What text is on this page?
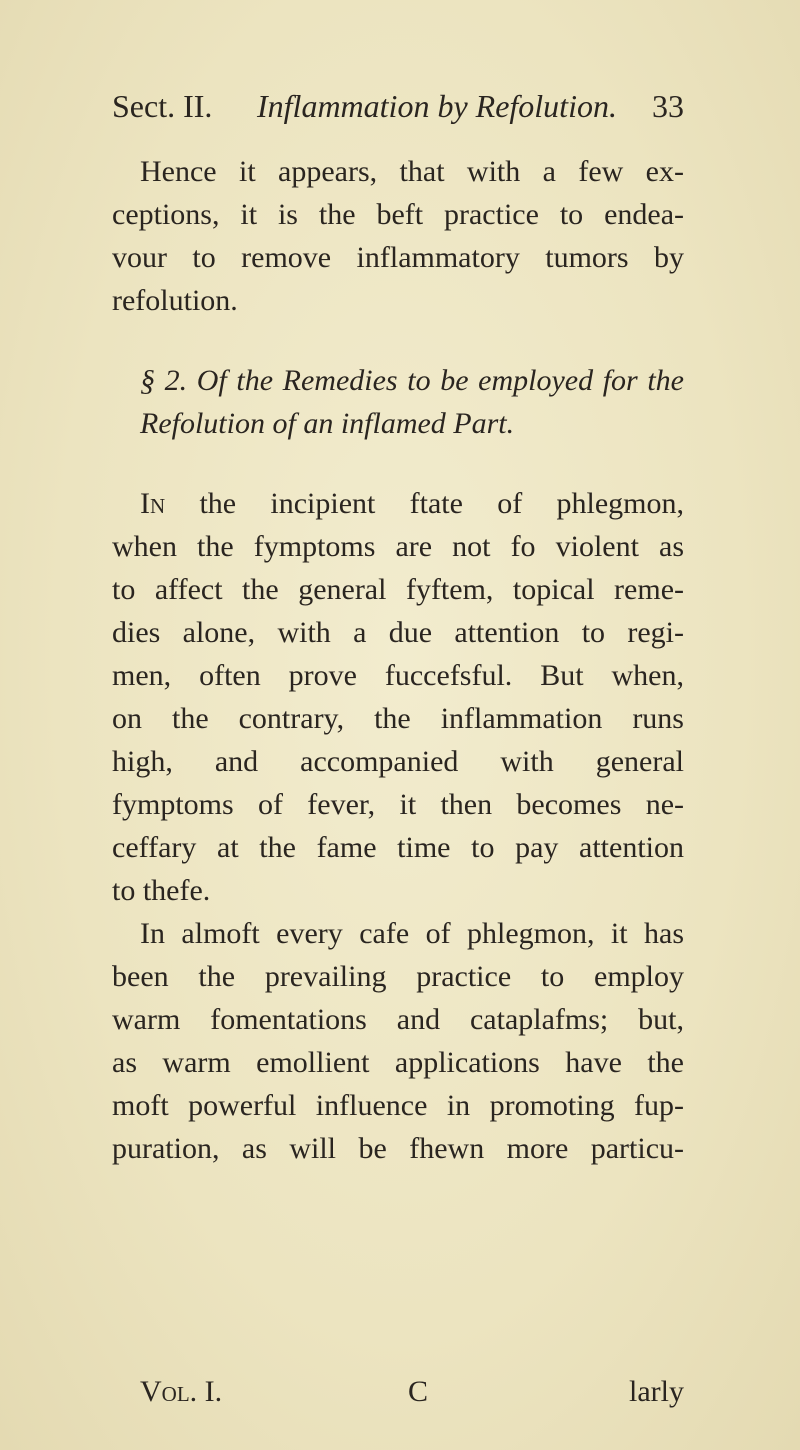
Sect. II. Inflammation by Refolution. 33
Hence it appears, that with a few ex-
ceptions, it is the beft practice to endea-
vour to remove inflammatory tumors by
refolution.
§ 2. Of the Remedies to be employed for the
Refolution of an inflamed Part.
In the incipient ftate of phlegmon,
when the fymptoms are not fo violent as
to affect the general fyftem, topical reme-
dies alone, with a due attention to regi-
men, often prove fuccefsful. But when,
on the contrary, the inflammation runs
high, and accompanied with general
fymptoms of fever, it then becomes ne-
ceffary at the fame time to pay attention
to thefe.
In almoft every cafe of phlegmon, it has
been the prevailing practice to employ
warm fomentations and cataplafms; but,
as warm emollient applications have the
moft powerful influence in promoting fup-
puration, as will be fhewn more particu-
Vol. I.	C	larly
